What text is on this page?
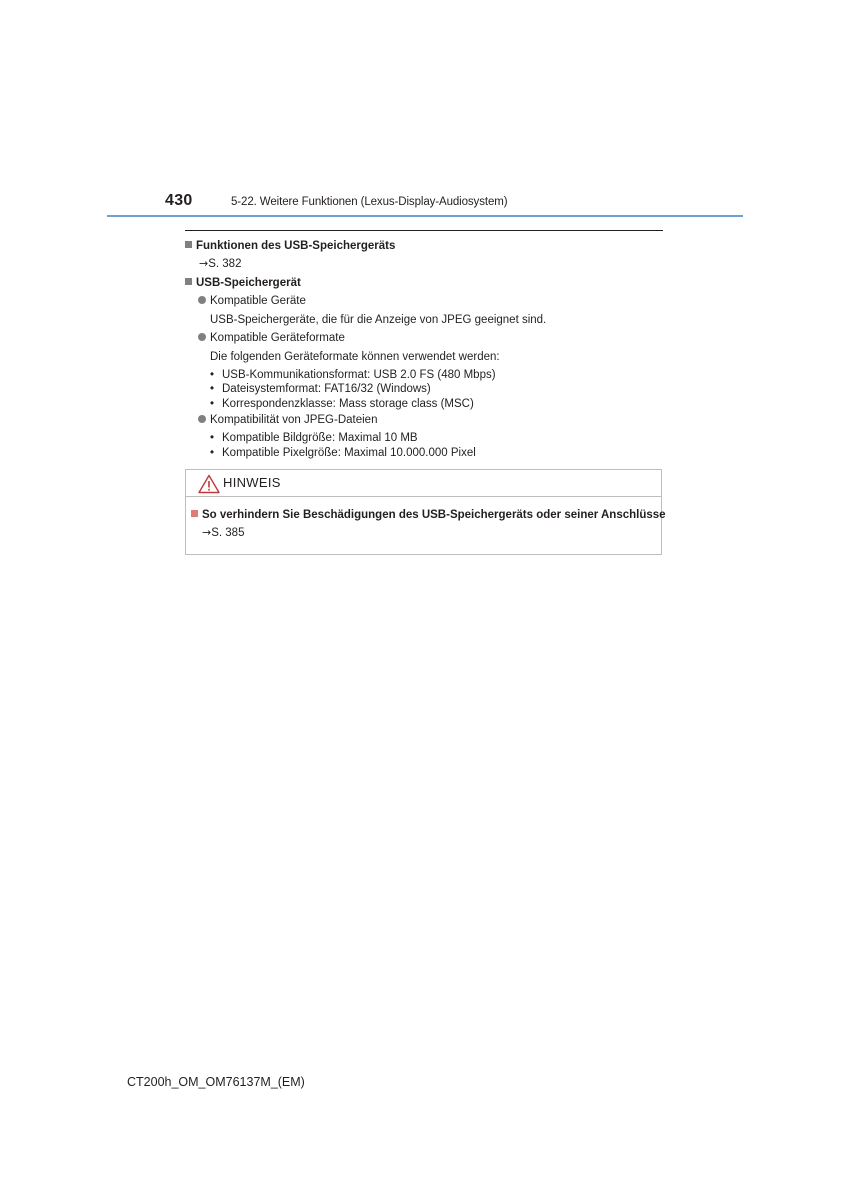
430	5-22. Weitere Funktionen (Lexus-Display-Audiosystem)
Funktionen des USB-Speichergeräts
→S. 382
USB-Speichergerät
Kompatible Geräte
USB-Speichergeräte, die für die Anzeige von JPEG geeignet sind.
Kompatible Geräteformate
Die folgenden Geräteformate können verwendet werden:
• USB-Kommunikationsformat: USB 2.0 FS (480 Mbps)
• Dateisystemformat: FAT16/32 (Windows)
• Korrespondenzklasse: Mass storage class (MSC)
Kompatibilität von JPEG-Dateien
• Kompatible Bildgröße: Maximal 10 MB
• Kompatible Pixelgröße: Maximal 10.000.000 Pixel
HINWEIS
So verhindern Sie Beschädigungen des USB-Speichergeräts oder seiner Anschlüsse
→S. 385
CT200h_OM_OM76137M_(EM)
